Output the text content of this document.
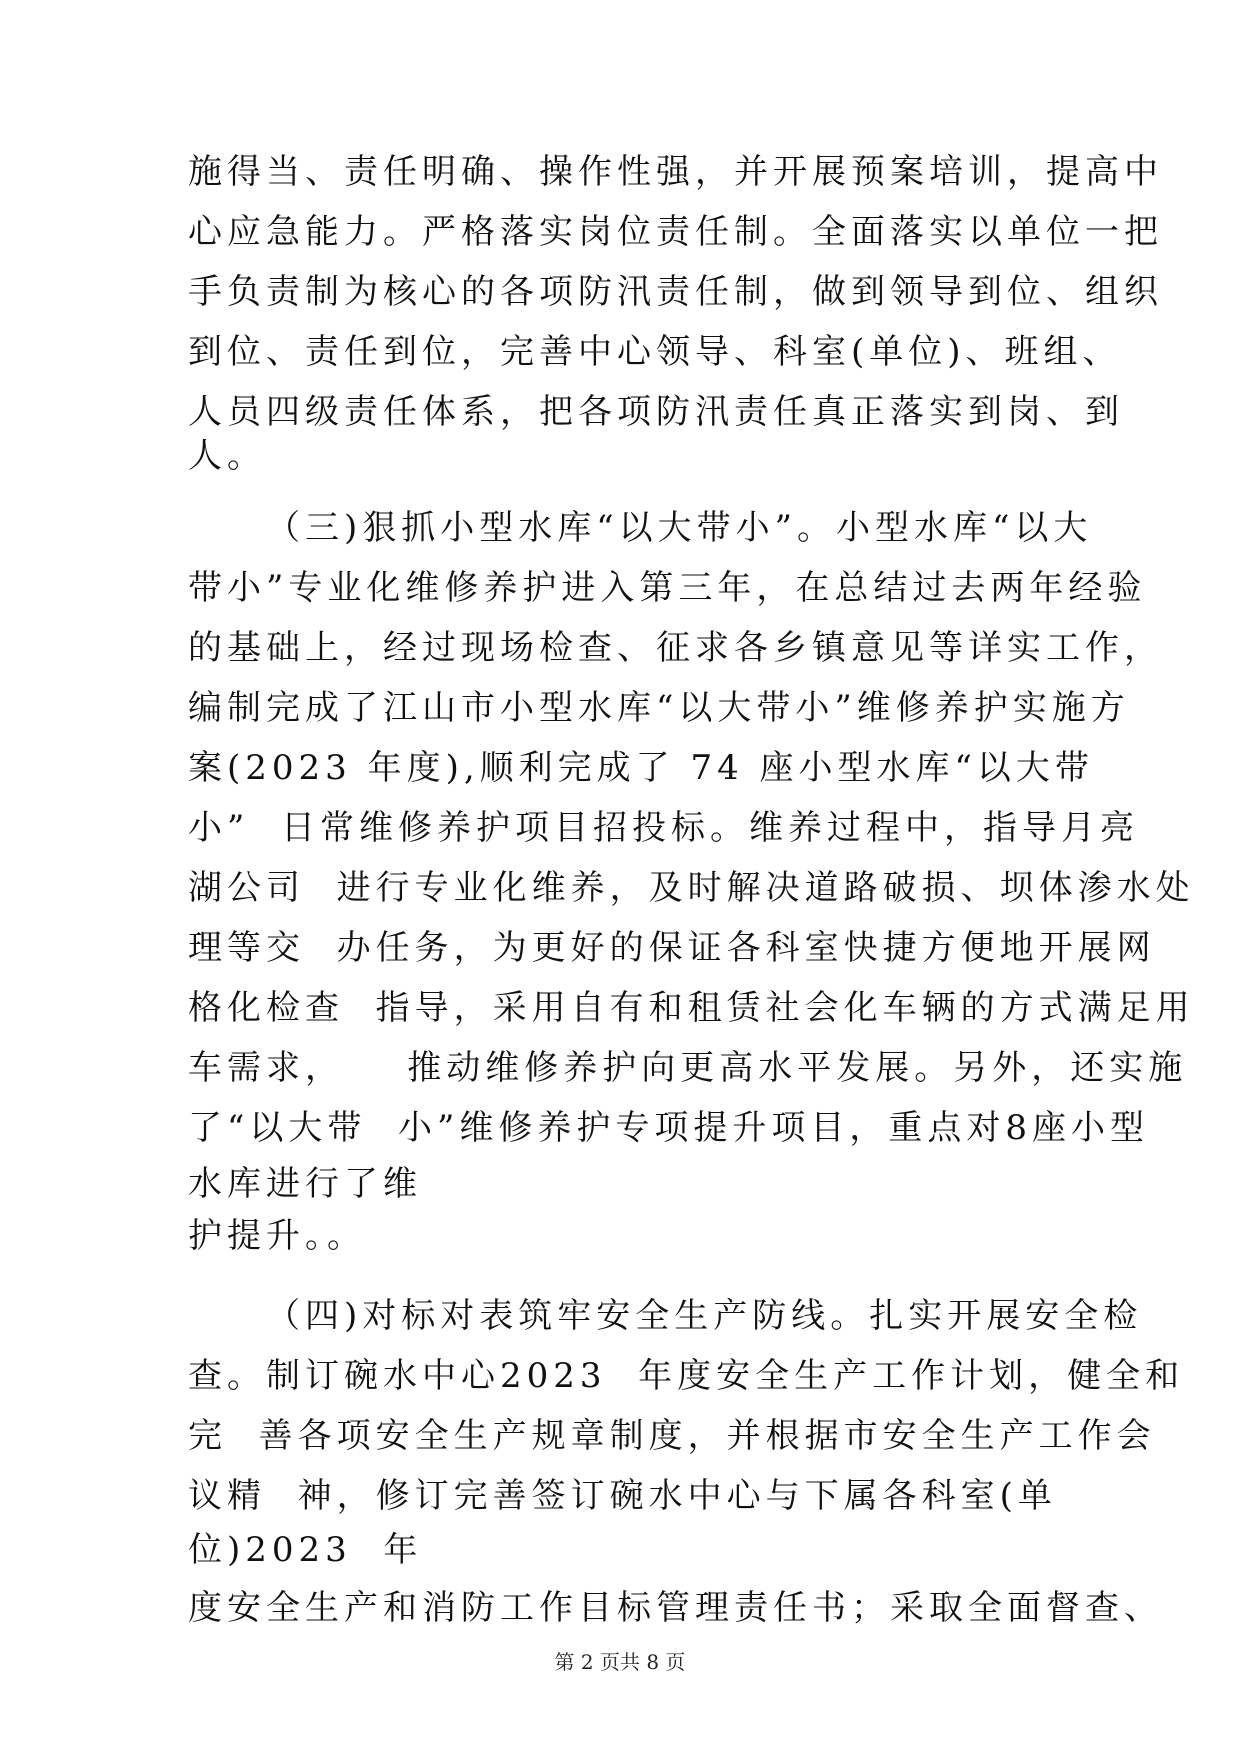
施得当、责任明确、操作性强，并开展预案培训，提高中
心应急能力。严格落实岗位责任制。全面落实以单位一把
手负责制为核心的各项防汛责任制，做到领导到位、组织
到位、责任到位，完善中心领导、科室(单位)、班组、
人员四级责任体系，把各项防汛责任真正落实到岗、到
人。
（三)狠抓小型水库“以大带小”。小型水库“以大
带小”专业化维修养护进入第三年，在总结过去两年经验
的基础上，经过现场检查、征求各乡镇意见等详实工作，
编制完成了江山市小型水库“以大带小”维修养护实施方
案(2023 年度),顺利完成了 74 座小型水库“以大带
小”  日常维修养护项目招投标。维养过程中，指导月亮
湖公司  进行专业化维养，及时解决道路破损、坝体渗水处
理等交  办任务，为更好的保证各科室快捷方便地开展网
格化检查  指导，采用自有和租赁社会化车辆的方式满足用
车需求，    推动维修养护向更高水平发展。另外，还实施
了“以大带  小”维修养护专项提升项目，重点对8座小型
水库进行了维
护提升。。
（四)对标对表筑牢安全生产防线。扎实开展安全检
查。制订碗水中心2023  年度安全生产工作计划，健全和
完  善各项安全生产规章制度，并根据市安全生产工作会
议精  神，修订完善签订碗水中心与下属各科室(单
位)2023  年
度安全生产和消防工作目标管理责任书；采取全面督查、
第 2 页共 8 页
